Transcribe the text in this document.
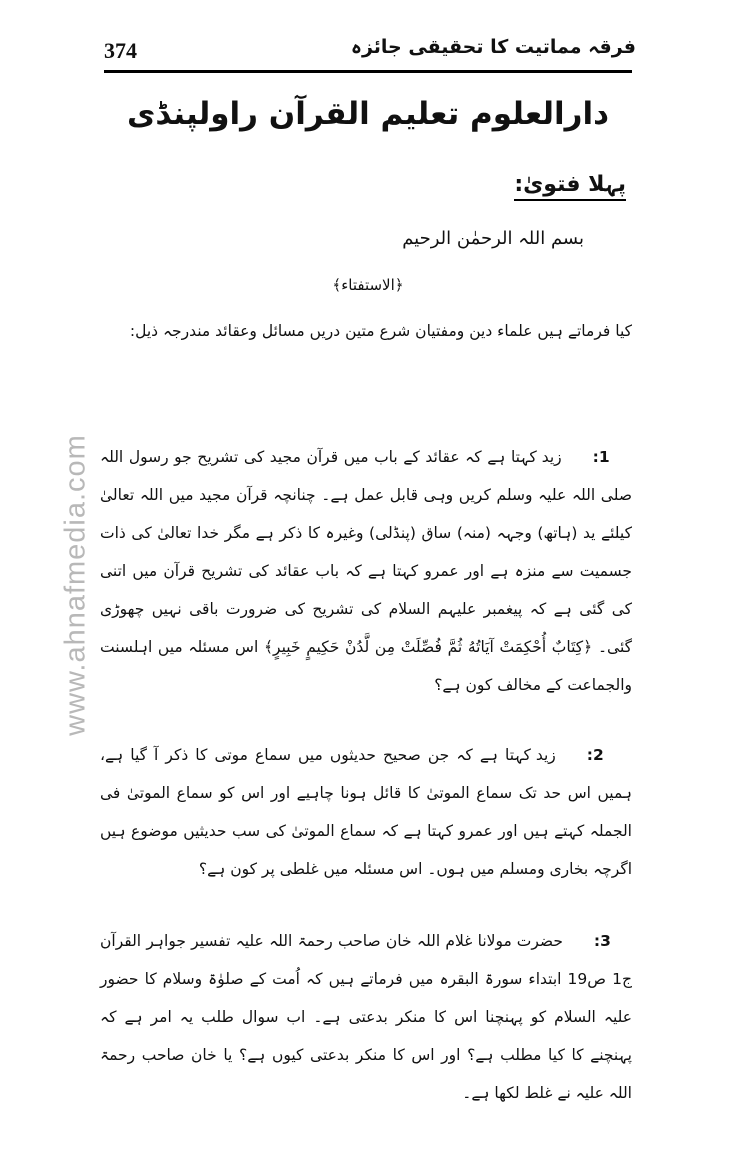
374	فرقہ مماتیت کا تحقیقی جائزہ
دارالعلوم تعلیم القرآن راولپنڈی
پہلا فتویٰ:
بسم اللہ الرحمٰن الرحیم
﴿الاستفتاء﴾
کیا فرماتے ہیں علماء دین ومفتیان شرع متین دریں مسائل وعقائد مندرجہ ذیل:

1:  زید کہتا ہے کہ عقائد کے باب میں قرآن مجید کی تشریح جو رسول اللہ صلی اللہ علیہ وسلم کریں وہی قابل عمل ہے۔ چنانچہ قرآن مجید میں اللہ تعالیٰ کیلئے ید (ہاتھ) وجہہ (منہ) ساق (پنڈلی) وغیرہ کا ذکر ہے مگر خدا تعالیٰ کی ذات جسمیت سے منزہ ہے اور عمرو کہتا ہے کہ باب عقائد کی تشریح قرآن میں اتنی کی گئی ہے کہ پیغمبر علیہم السلام کی تشریح کی ضرورت باقی نہیں چھوڑی گئی۔ ﴿كِتَابٌ أُحْكِمَتْ آيَاتُهُ ثُمَّ فُصِّلَتْ مِن لَّدُنْ حَكِيمٍ خَبِيرٍ﴾ اس مسئلہ میں اہلسنت والجماعت کے مخالف کون ہے؟

2:  زید کہتا ہے کہ جن صحیح حدیثوں میں سماع موتی کا ذکر آ گیا ہے، ہمیں اس حد تک سماع الموتیٰ کا قائل ہونا چاہیے اور اس کو سماع الموتیٰ فی الجملہ کہتے ہیں اور عمرو کہتا ہے کہ سماع الموتیٰ کی سب حدیثیں موضوع ہیں اگرچہ بخاری ومسلم میں ہوں۔ اس مسئلہ میں غلطی پر کون ہے؟

3:  حضرت مولانا غلام اللہ خان صاحب رحمۃ اللہ علیہ تفسیر جواہر القرآن ج1 ص19 ابتداء سورۃ البقرہ میں فرماتے ہیں کہ اُمت کے صلوٰۃ وسلام کا حضور علیہ السلام کو پہنچنا اس کا منکر بدعتی ہے۔ اب سوال طلب یہ امر ہے کہ پہنچنے کا کیا مطلب ہے؟ اور اس کا منکر بدعتی کیوں ہے؟ یا خان صاحب رحمۃ اللہ علیہ نے غلط لکھا ہے۔

www.ahnafmedia.com
